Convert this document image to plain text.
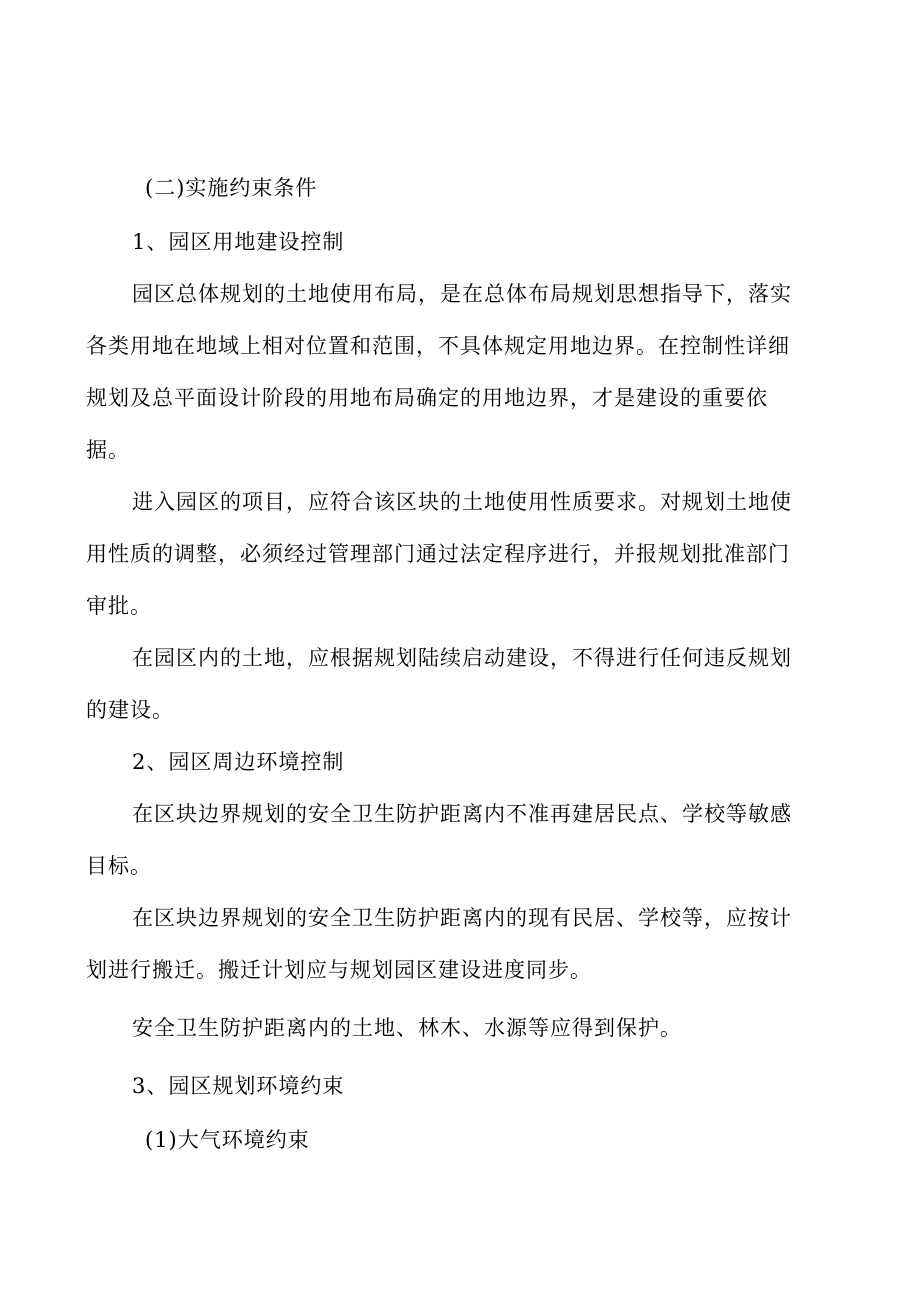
(二)实施约束条件
1、园区用地建设控制
园区总体规划的土地使用布局，是在总体布局规划思想指导下，落实
各类用地在地域上相对位置和范围，不具体规定用地边界。在控制性详细
规划及总平面设计阶段的用地布局确定的用地边界，才是建设的重要依
据。
进入园区的项目，应符合该区块的土地使用性质要求。对规划土地使
用性质的调整，必须经过管理部门通过法定程序进行，并报规划批准部门
审批。
在园区内的土地，应根据规划陆续启动建设，不得进行任何违反规划
的建设。
2、园区周边环境控制
在区块边界规划的安全卫生防护距离内不准再建居民点、学校等敏感
目标。
在区块边界规划的安全卫生防护距离内的现有民居、学校等，应按计
划进行搬迁。搬迁计划应与规划园区建设进度同步。
安全卫生防护距离内的土地、林木、水源等应得到保护。
3、园区规划环境约束
(1)大气环境约束
